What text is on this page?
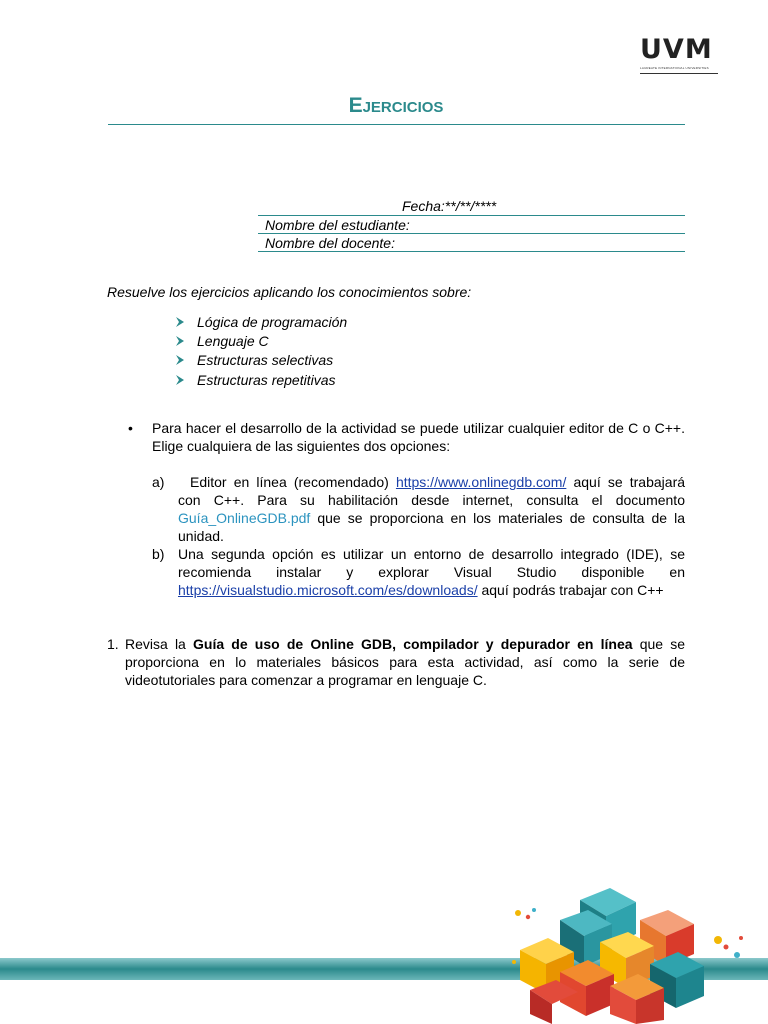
UVM
LAUREATE INTERNATIONAL UNIVERSITIES
Ejercicios
Fecha:**/**/****
Nombre del estudiante:
Nombre del docente:
Resuelve los ejercicios aplicando los conocimientos sobre:
Lógica de programación
Lenguaje C
Estructuras selectivas
Estructuras repetitivas
• Para hacer el desarrollo de la actividad se puede utilizar cualquier editor de C o C++. Elige cualquiera de las siguientes dos opciones:
a)	Editor en línea (recomendado) https://www.onlinegdb.com/ aquí se trabajará con C++. Para su habilitación desde internet, consulta el documento Guía_OnlineGDB.pdf que se proporciona en los materiales de consulta de la unidad.
b) Una segunda opción es utilizar un entorno de desarrollo integrado (IDE), se recomienda instalar y explorar Visual Studio disponible en https://visualstudio.microsoft.com/es/downloads/ aquí podrás trabajar con C++
1. Revisa la Guía de uso de Online GDB, compilador y depurador en línea que se proporciona en lo materiales básicos para esta actividad, así como la serie de videotutoriales para comenzar a programar en lenguaje C.
